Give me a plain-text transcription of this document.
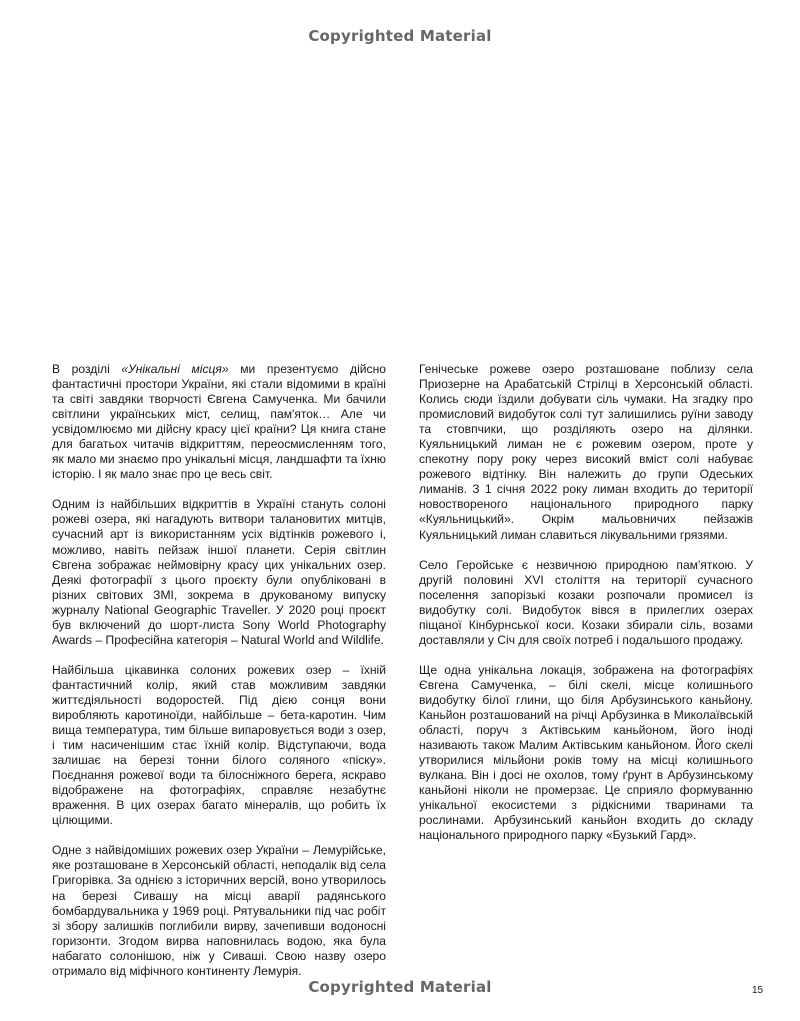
Copyrighted Material

В розділі «Унікальні місця» ми презентуємо дійсно фантастичні простори України, які стали відомими в країні та світі завдяки творчості Євгена Самученка. Ми бачили світлини українських міст, селищ, пам'яток… Але чи усвідомлюємо ми дійсну красу цієї країни? Ця книга стане для багатьох читачів відкриттям, переосмисленням того, як мало ми знаємо про унікальні місця, ландшафти та їхню історію. І як мало знає про це весь світ.

Одним із найбільших відкриттів в Україні стануть солоні рожеві озера, які нагадують витвори талановитих митців, сучасний арт із використанням усіх відтінків рожевого і, можливо, навіть пейзаж іншої планети. Серія світлин Євгена зображає неймовірну красу цих унікальних озер. Деякі фотографії з цього проєкту були опубліковані в різних світових ЗМІ, зокрема в друкованому випуску журналу National Geographic Traveller. У 2020 році проєкт був включений до шорт-листа Sony World Photography Awards – Професійна категорія – Natural World and Wildlife.

Найбільша цікавинка солоних рожевих озер – їхній фантастичний колір, який став можливим завдяки життєдіяльності водоростей. Під дією сонця вони виробляють каротиноїди, найбільше – бета-каротин. Чим вища температура, тим більше випаровується води з озер, і тим насиченішим стає їхній колір. Відступаючи, вода залишає на березі тонни білого соляного «піску». Поєднання рожевої води та білосніжного берега, яскраво відображене на фотографіях, справляє незабутнє враження. В цих озерах багато мінералів, що робить їх цілющими.

Одне з найвідоміших рожевих озер України – Лемурійське, яке розташоване в Херсонській області, неподалік від села Григорівка. За однією з історичних версій, воно утворилось на березі Сивашу на місці аварії радянського бомбардувальника у 1969 році. Рятувальники під час робіт зі збору залишків поглибили вирву, зачепивши водоносні горизонти. Згодом вирва наповнилась водою, яка була набагато солонішою, ніж у Сиваші. Свою назву озеро отримало від міфічного континенту Лемурія.

Генічеське рожеве озеро розташоване поблизу села Приозерне на Арабатській Стрілці в Херсонській області. Колись сюди їздили добувати сіль чумаки. На згадку про промисловий видобуток солі тут залишились руїни заводу та стовпчики, що розділяють озеро на ділянки. Куяльницький лиман не є рожевим озером, проте у спекотну пору року через високий вміст солі набуває рожевого відтінку. Він належить до групи Одеських лиманів. З 1 січня 2022 року лиман входить до території новоствореного національного природного парку «Куяльницький». Окрім мальовничих пейзажів Куяльницький лиман славиться лікувальними грязями.

Село Геройське є незвичною природною пам'яткою. У другій половині XVI століття на території сучасного поселення запорізькі козаки розпочали промисел із видобутку солі. Видобуток вівся в прилеглих озерах піщаної Кінбурнської коси. Козаки збирали сіль, возами доставляли у Січ для своїх потреб і подальшого продажу.

Ще одна унікальна локація, зображена на фотографіях Євгена Самученка, – білі скелі, місце колишнього видобутку білої глини, що біля Арбузинського каньйону. Каньйон розташований на річці Арбузинка в Миколаївській області, поруч з Актівським каньйоном, його іноді називають також Малим Актівським каньйоном. Його скелі утворилися мільйони років тому на місці колишнього вулкана. Він і досі не охолов, тому ґрунт в Арбузинському каньйоні ніколи не промерзає. Це сприяло формуванню унікальної екосистеми з рідкісними тваринами та рослинами. Арбузинський каньйон входить до складу національного природного парку «Бузький Гард».

Copyrighted Material	15
